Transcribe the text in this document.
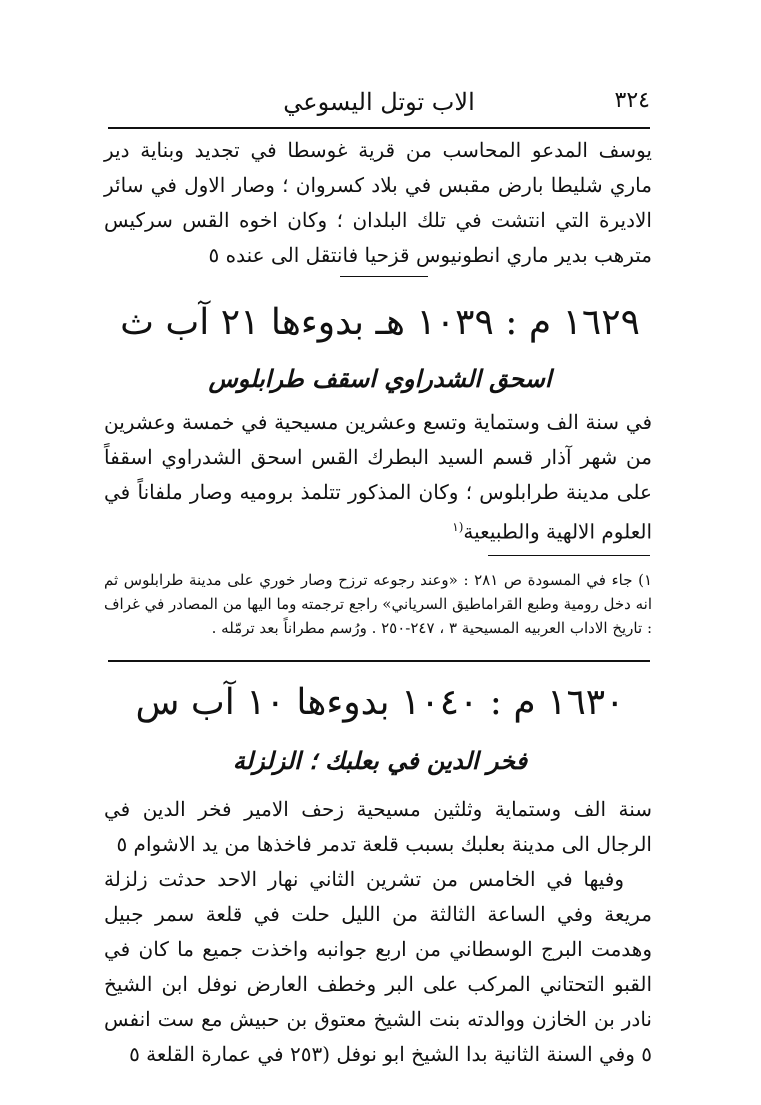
٣٢٤
الاب توتل اليسوعي
يوسف المدعو المحاسب من قرية غوسطا في تجديد وبناية دير ماري شليطا بارض مقبس في بلاد كسروان ؛ وصار الاول في سائر الاديرة التي انتشت في تلك البلدان ؛ وكان اخوه القس سركيس مترهب بدير ماري انطونيوس قزحيا فانتقل الى عنده ٥
١٦٢٩ م : ١٠٣٩ هـ بدوءها ٢١ آب ث
اسحق الشدراوي اسقف طرابلوس
في سنة الف وستماية وتسع وعشرين مسيحية في خمسة وعشرين من شهر آذار قسم السيد البطرك القس اسحق الشدراوي اسقفاً على مدينة طرابلوس ؛ وكان المذكور تتلمذ بروميه وصار ملفاناً في العلوم الالهية والطبيعية$^{(١}$
١) جاء في المسودة ص ٢٨١ : «وعند رجوعه ترزح وصار خوري على مدينة طرابلوس ثم انه دخل رومية وطبع القراماطيق السرياني» راجع ترجمته وما اليها من المصادر في غراف : تاريخ الاداب العربيه المسيحية ٣ ، ٢٤٧-٢٥٠ . ورُسم مطراناً بعد ترمّله .
١٦٣٠ م : ١٠٤٠ بدوءها ١٠ آب س
فخر الدين في بعلبك ؛ الزلزلة
سنة الف وستماية وثلثين مسيحية زحف الامير فخر الدين في الرجال الى مدينة بعلبك بسبب قلعة تدمر فاخذها من يد الاشوام ٥
وفيها في الخامس من تشرين الثاني نهار الاحد حدثت زلزلة مريعة وفي الساعة الثالثة من الليل حلت في قلعة سمر جبيل وهدمت البرج الوسطاني من اربع جوانبه واخذت جميع ما كان في القبو التحتاني المركب على البر وخطف العارض نوفل ابن الشيخ نادر بن الخازن ووالدته بنت الشيخ معتوق بن حبيش مع ست انفس ٥ وفي السنة الثانية بدا الشيخ ابو نوفل (٢٥٣ في عمارة القلعة ٥
